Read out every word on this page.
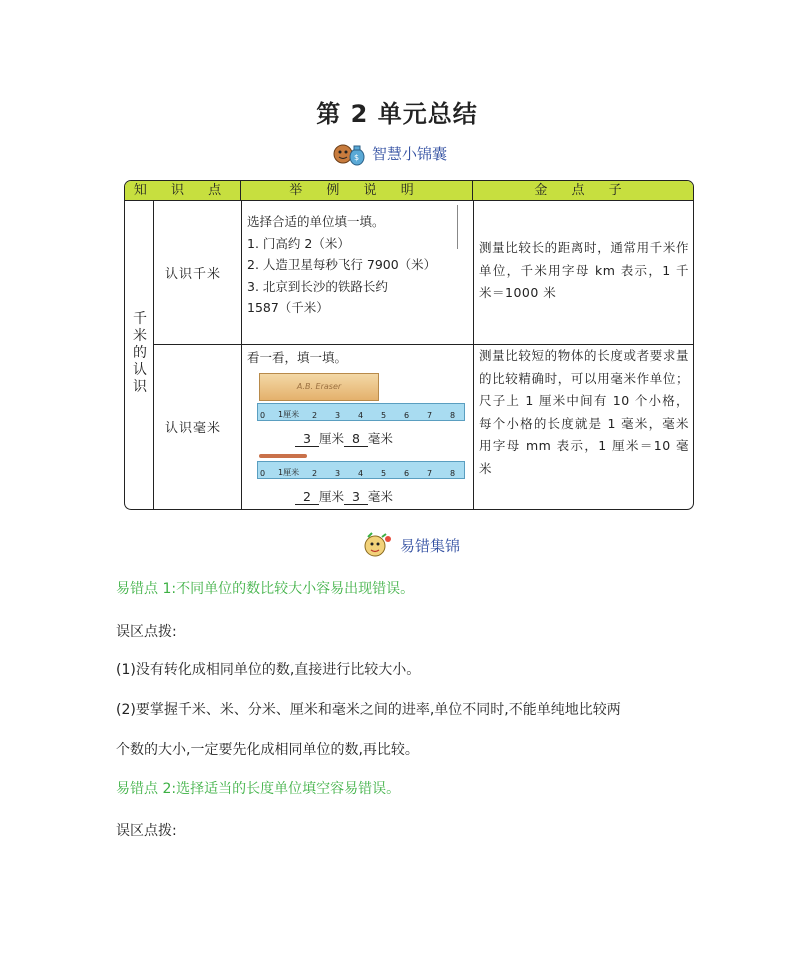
第 2 单元总结
$ 智慧小锦囊
知 识 点	举 例 说 明	金 点 子
千米的认识
认识千米
选择合适的单位填一填。
1. 门高约 2（米）
2. 人造卫星每秒飞行 7900（米）
3. 北京到长沙的铁路长约
1587（千米）
测量比较长的距离时，通常用千米作单位，千米用字母 km 表示，1 千米＝1000 米
认识毫米
看一看，填一填。
A.B. Eraser
0 1厘米 2 3 4 5 6 7 8
3 厘米 8 毫米
0 1厘米 2 3 4 5 6 7 8
2 厘米 3 毫米
测量比较短的物体的长度或者要求量的比较精确时，可以用毫米作单位；尺子上 1 厘米中间有 10 个小格，每个小格的长度就是 1 毫米，毫米用字母 mm 表示，1 厘米＝10 毫米
易错集锦
易错点 1:不同单位的数比较大小容易出现错误。
误区点拨:
(1)没有转化成相同单位的数,直接进行比较大小。
(2)要掌握千米、米、分米、厘米和毫米之间的进率,单位不同时,不能单纯地比较两
个数的大小,一定要先化成相同单位的数,再比较。
易错点 2:选择适当的长度单位填空容易错误。
误区点拨:
